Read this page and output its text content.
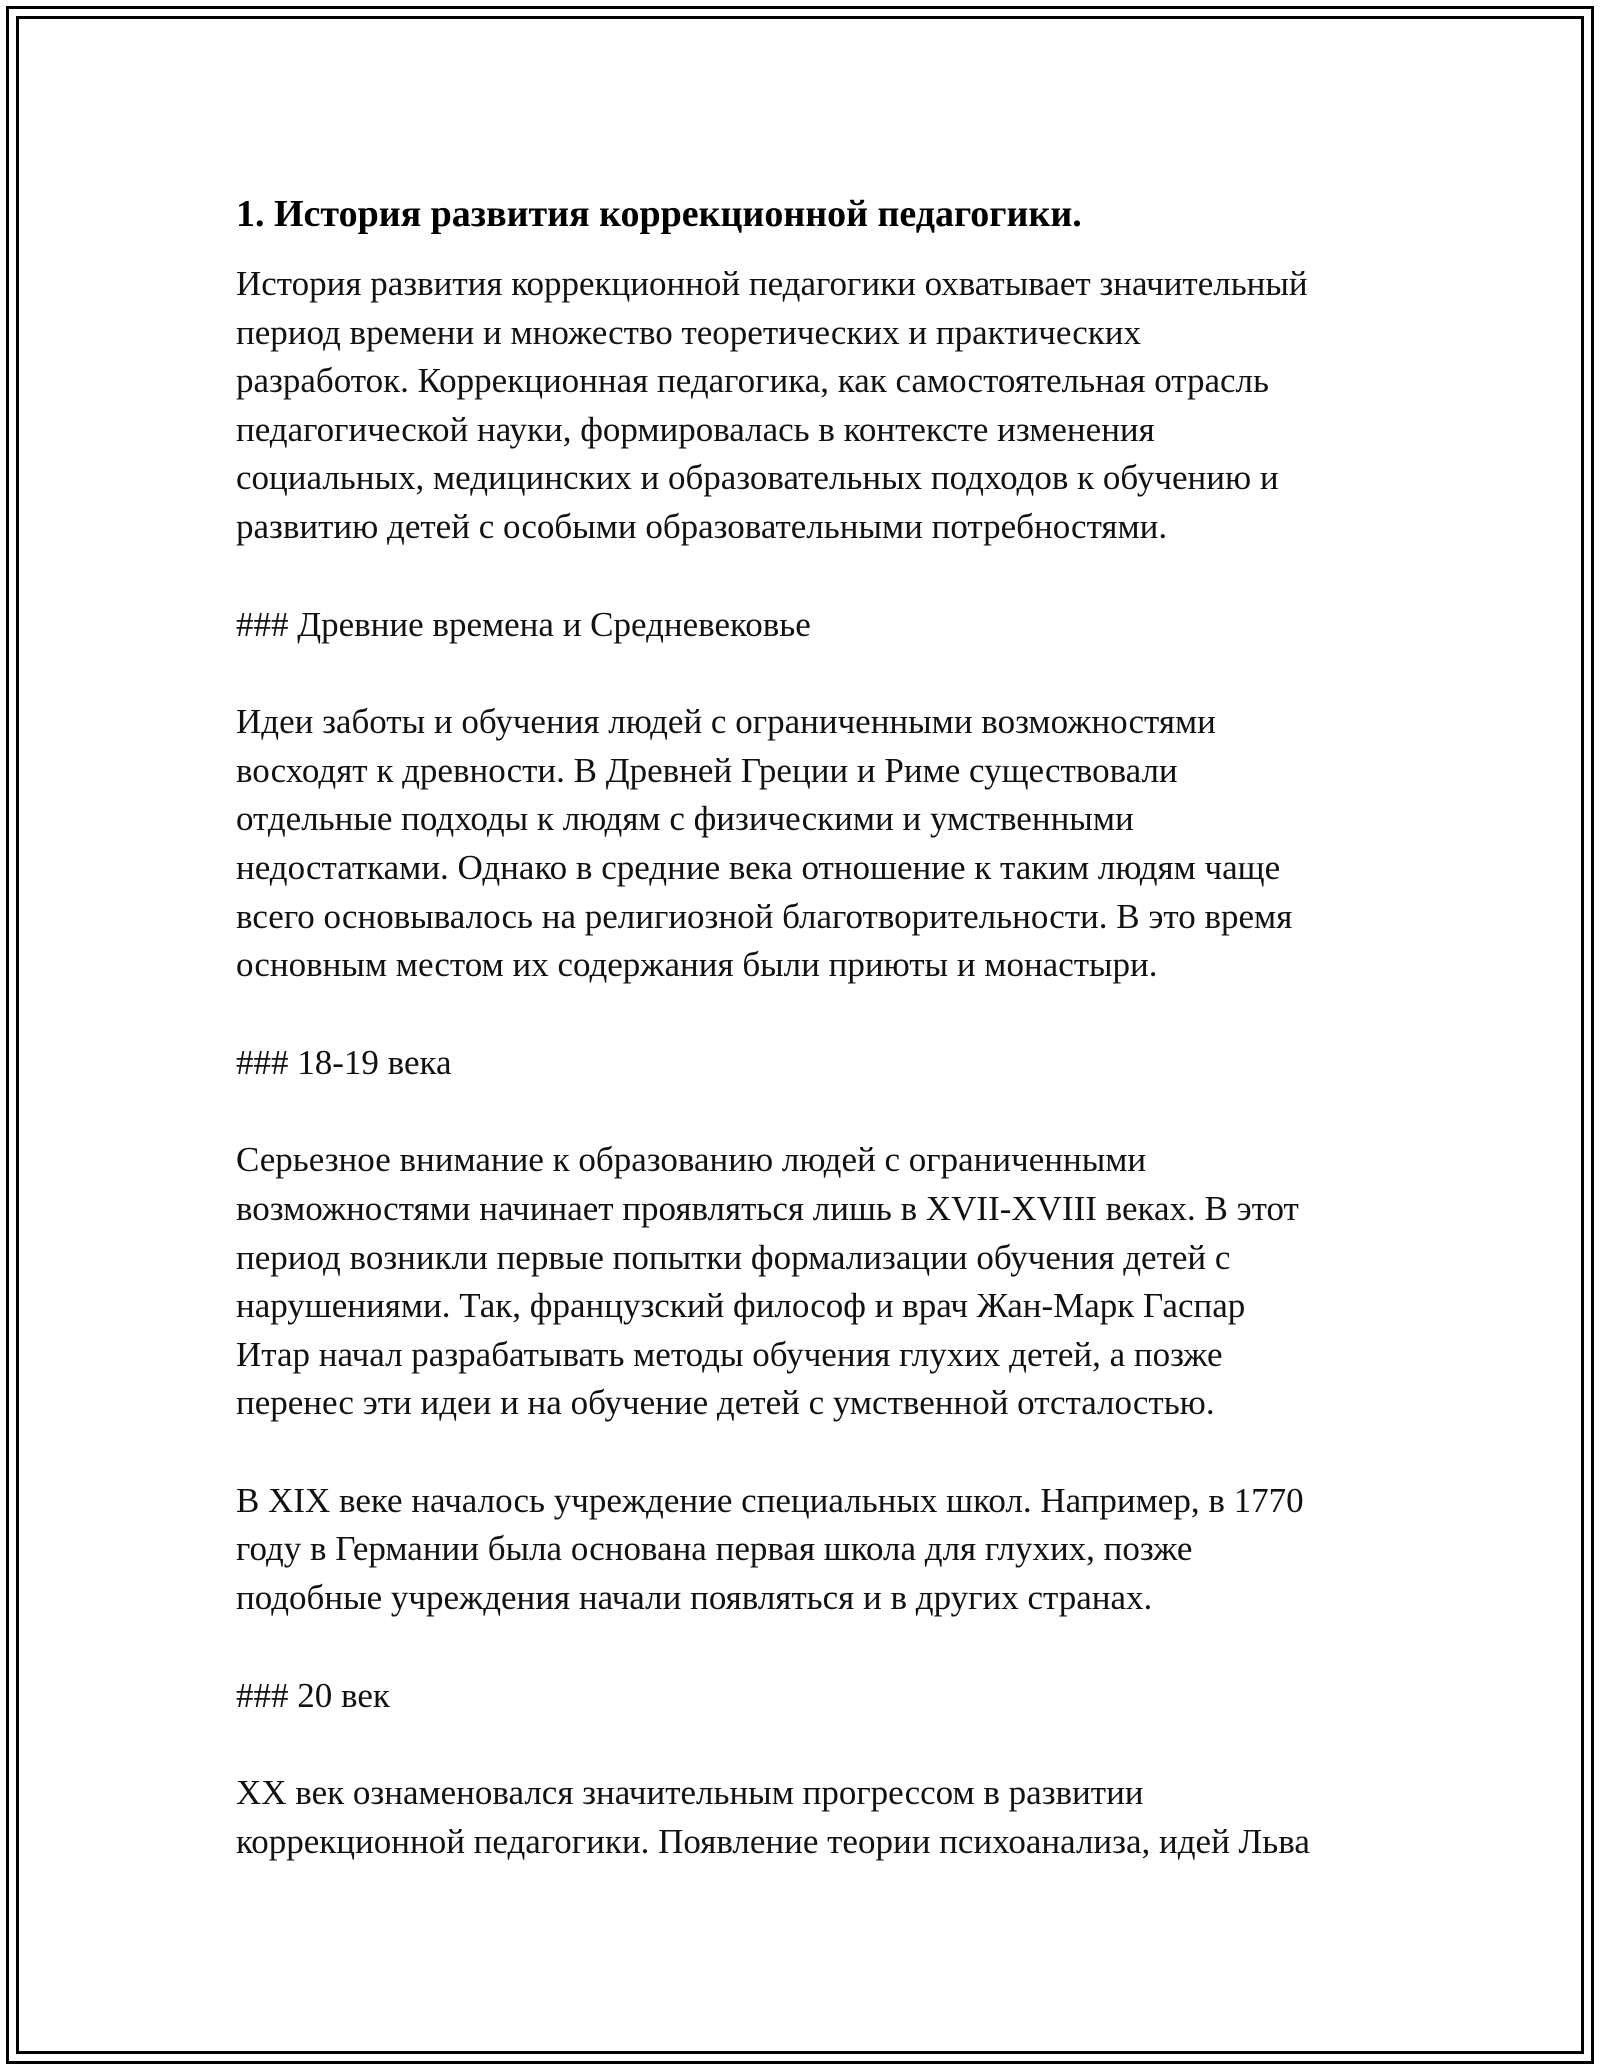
1. История развития коррекционной педагогики.
История развития коррекционной педагогики охватывает значительный
период времени и множество теоретических и практических
разработок. Коррекционная педагогика, как самостоятельная отрасль
педагогической науки, формировалась в контексте изменения
социальных, медицинских и образовательных подходов к обучению и
развитию детей с особыми образовательными потребностями.
### Древние времена и Средневековье
Идеи заботы и обучения людей с ограниченными возможностями
восходят к древности. В Древней Греции и Риме существовали
отдельные подходы к людям с физическими и умственными
недостатками. Однако в средние века отношение к таким людям чаще
всего основывалось на религиозной благотворительности. В это время
основным местом их содержания были приюты и монастыри.
### 18-19 века
Серьезное внимание к образованию людей с ограниченными
возможностями начинает проявляться лишь в XVII-XVIII веках. В этот
период возникли первые попытки формализации обучения детей с
нарушениями. Так, французский философ и врач Жан-Марк Гаспар
Итар начал разрабатывать методы обучения глухих детей, а позже
перенес эти идеи и на обучение детей с умственной отсталостью.
В XIX веке началось учреждение специальных школ. Например, в 1770
году в Германии была основана первая школа для глухих, позже
подобные учреждения начали появляться и в других странах.
### 20 век
XX век ознаменовался значительным прогрессом в развитии
коррекционной педагогики. Появление теории психоанализа, идей Льва
